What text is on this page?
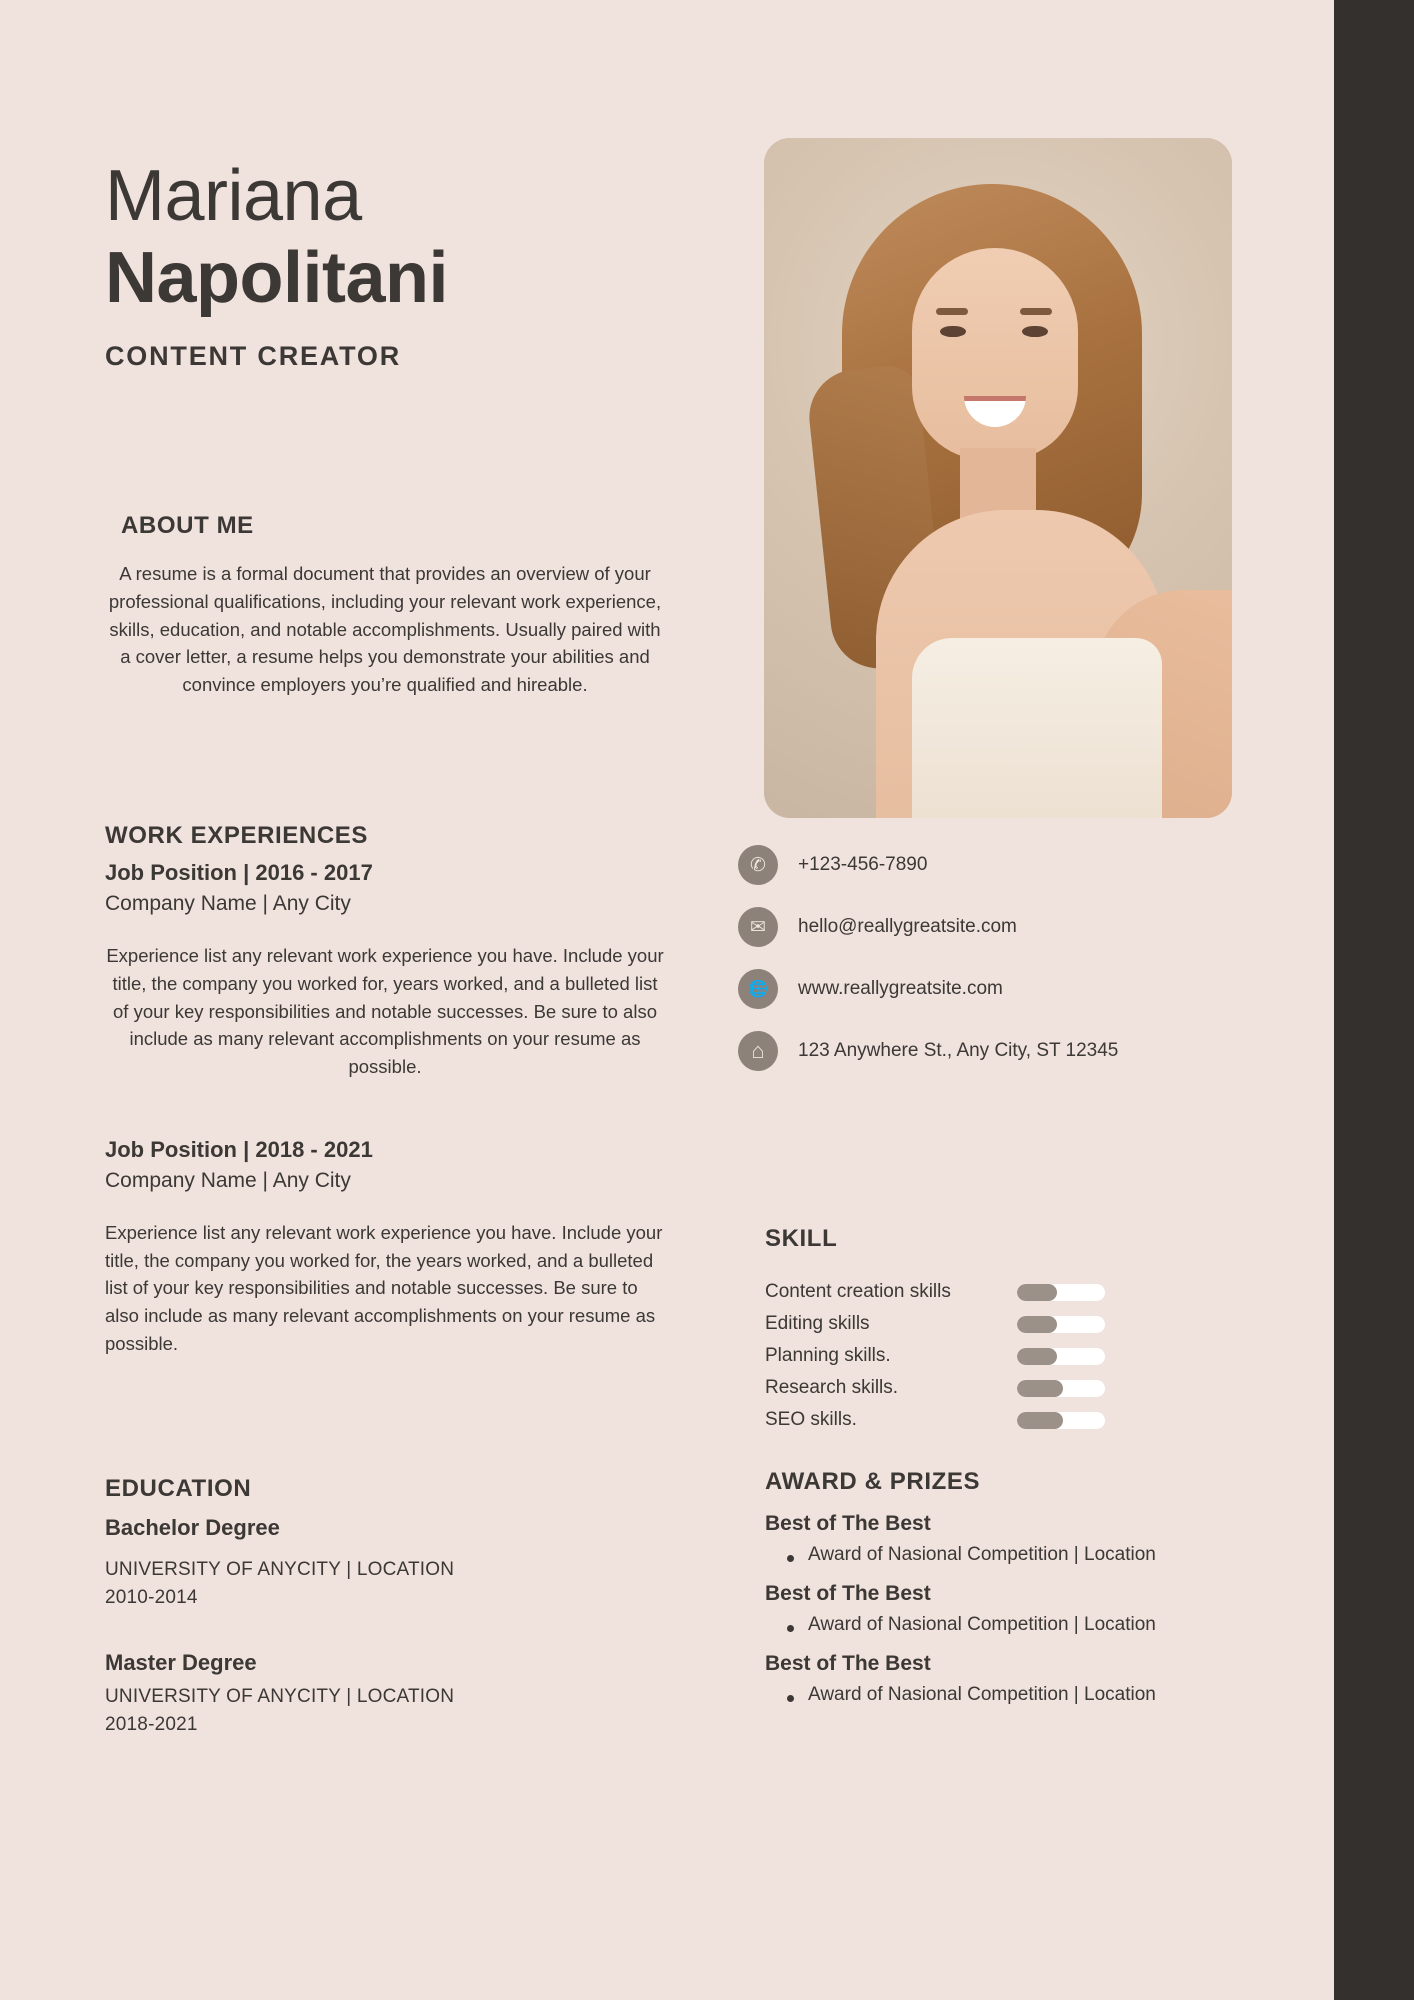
Mariana
Napolitani
CONTENT CREATOR
ABOUT ME

A resume is a formal document that provides an overview of your professional qualifications, including your relevant work experience, skills, education, and notable accomplishments. Usually paired with a cover letter, a resume helps you demonstrate your abilities and convince employers you’re qualified and hireable.

WORK EXPERIENCES
Job Position | 2016 - 2017
Company Name | Any City
Experience list any relevant work experience you have. Include your title, the company you worked for, years worked, and a bulleted list of your key responsibilities and notable successes. Be sure to also include as many relevant accomplishments on your resume as possible.
Job Position | 2018 - 2021
Company Name | Any City
Experience list any relevant work experience you have. Include your title, the company you worked for, the years worked, and a bulleted list of your key responsibilities and notable successes. Be sure to also include as many relevant accomplishments on your resume as possible.
EDUCATION
Bachelor Degree
UNIVERSITY OF ANYCITY | LOCATION
2010-2014
Master Degree
UNIVERSITY OF ANYCITY | LOCATION
2018-2021
✆	+123-456-7890
✉	hello@reallygreatsite.com
🌐	www.reallygreatsite.com
⌂	123 Anywhere St., Any City, ST 12345
SKILL
Content creation skills
Editing skills
Planning skills.
Research skills.
SEO skills.
AWARD & PRIZES
Best of The Best
Award of Nasional Competition | Location
Best of The Best
Award of Nasional Competition | Location
Best of The Best
Award of Nasional Competition | Location
